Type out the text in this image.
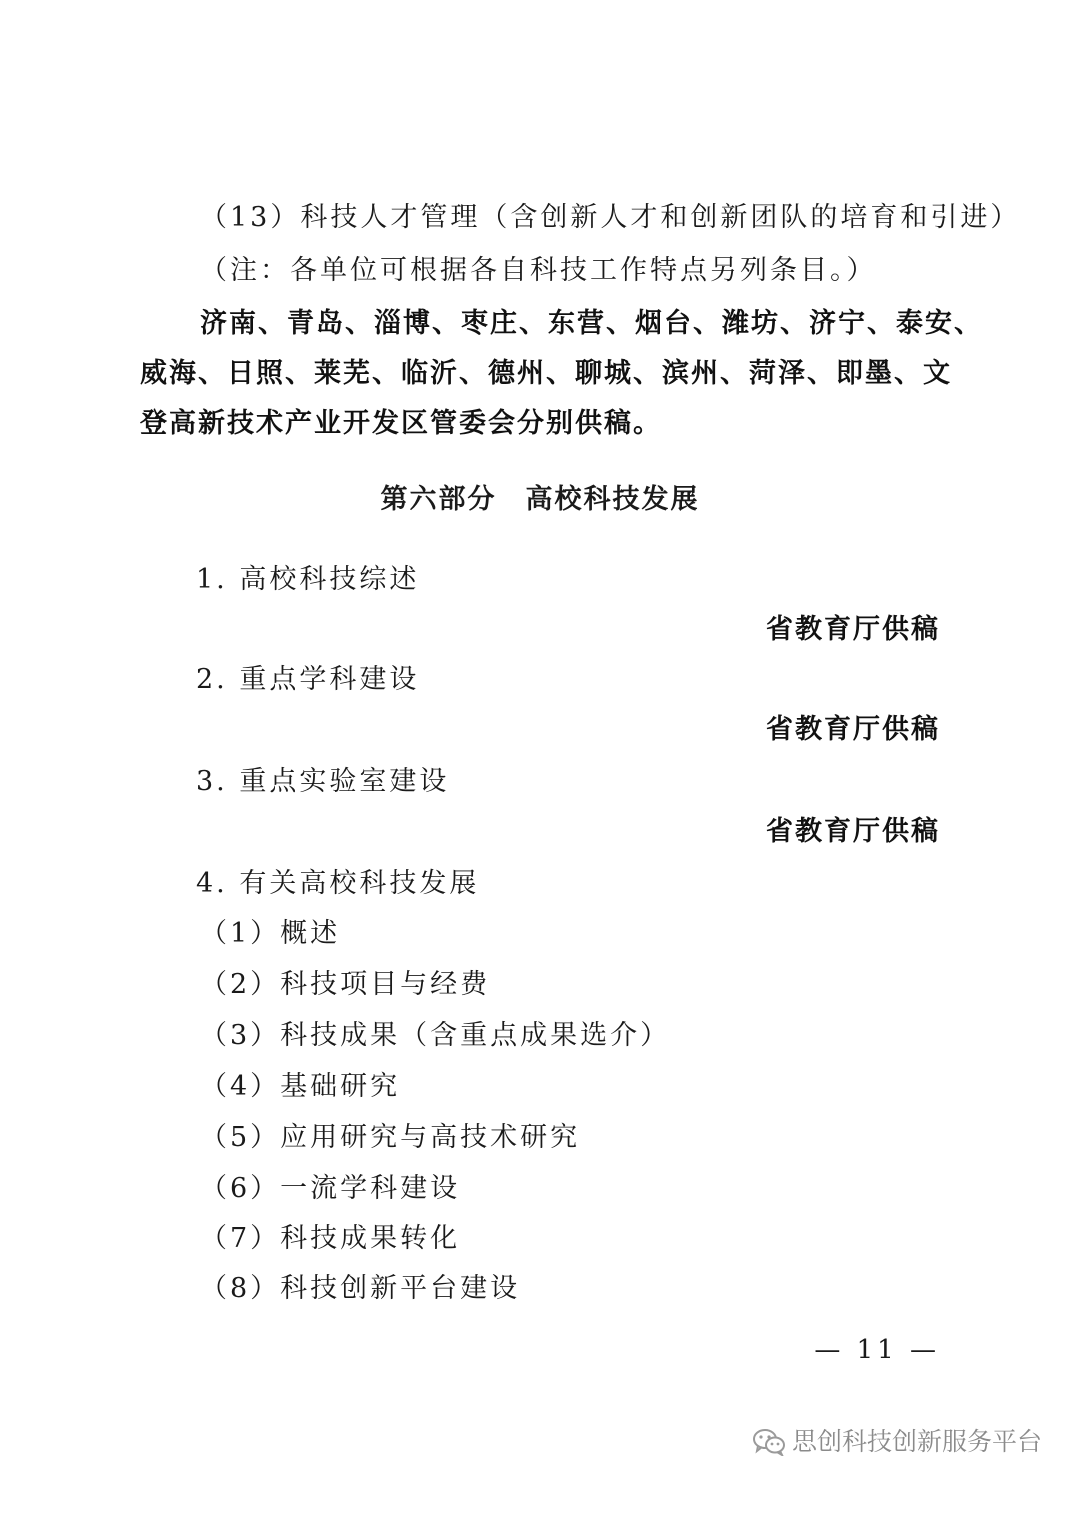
（13）科技人才管理（含创新人才和创新团队的培育和引进）
（注：各单位可根据各自科技工作特点另列条目。）
济南、青岛、淄博、枣庄、东营、烟台、潍坊、济宁、泰安、
威海、日照、莱芜、临沂、德州、聊城、滨州、菏泽、即墨、文
登高新技术产业开发区管委会分别供稿。
第六部分　高校科技发展
1. 高校科技综述
省教育厅供稿
2. 重点学科建设
省教育厅供稿
3. 重点实验室建设
省教育厅供稿
4. 有关高校科技发展
（1）概述
（2）科技项目与经费
（3）科技成果（含重点成果选介）
（4）基础研究
（5）应用研究与高技术研究
（6）一流学科建设
（7）科技成果转化
（8）科技创新平台建设
— 11 —
思创科技创新服务平台
